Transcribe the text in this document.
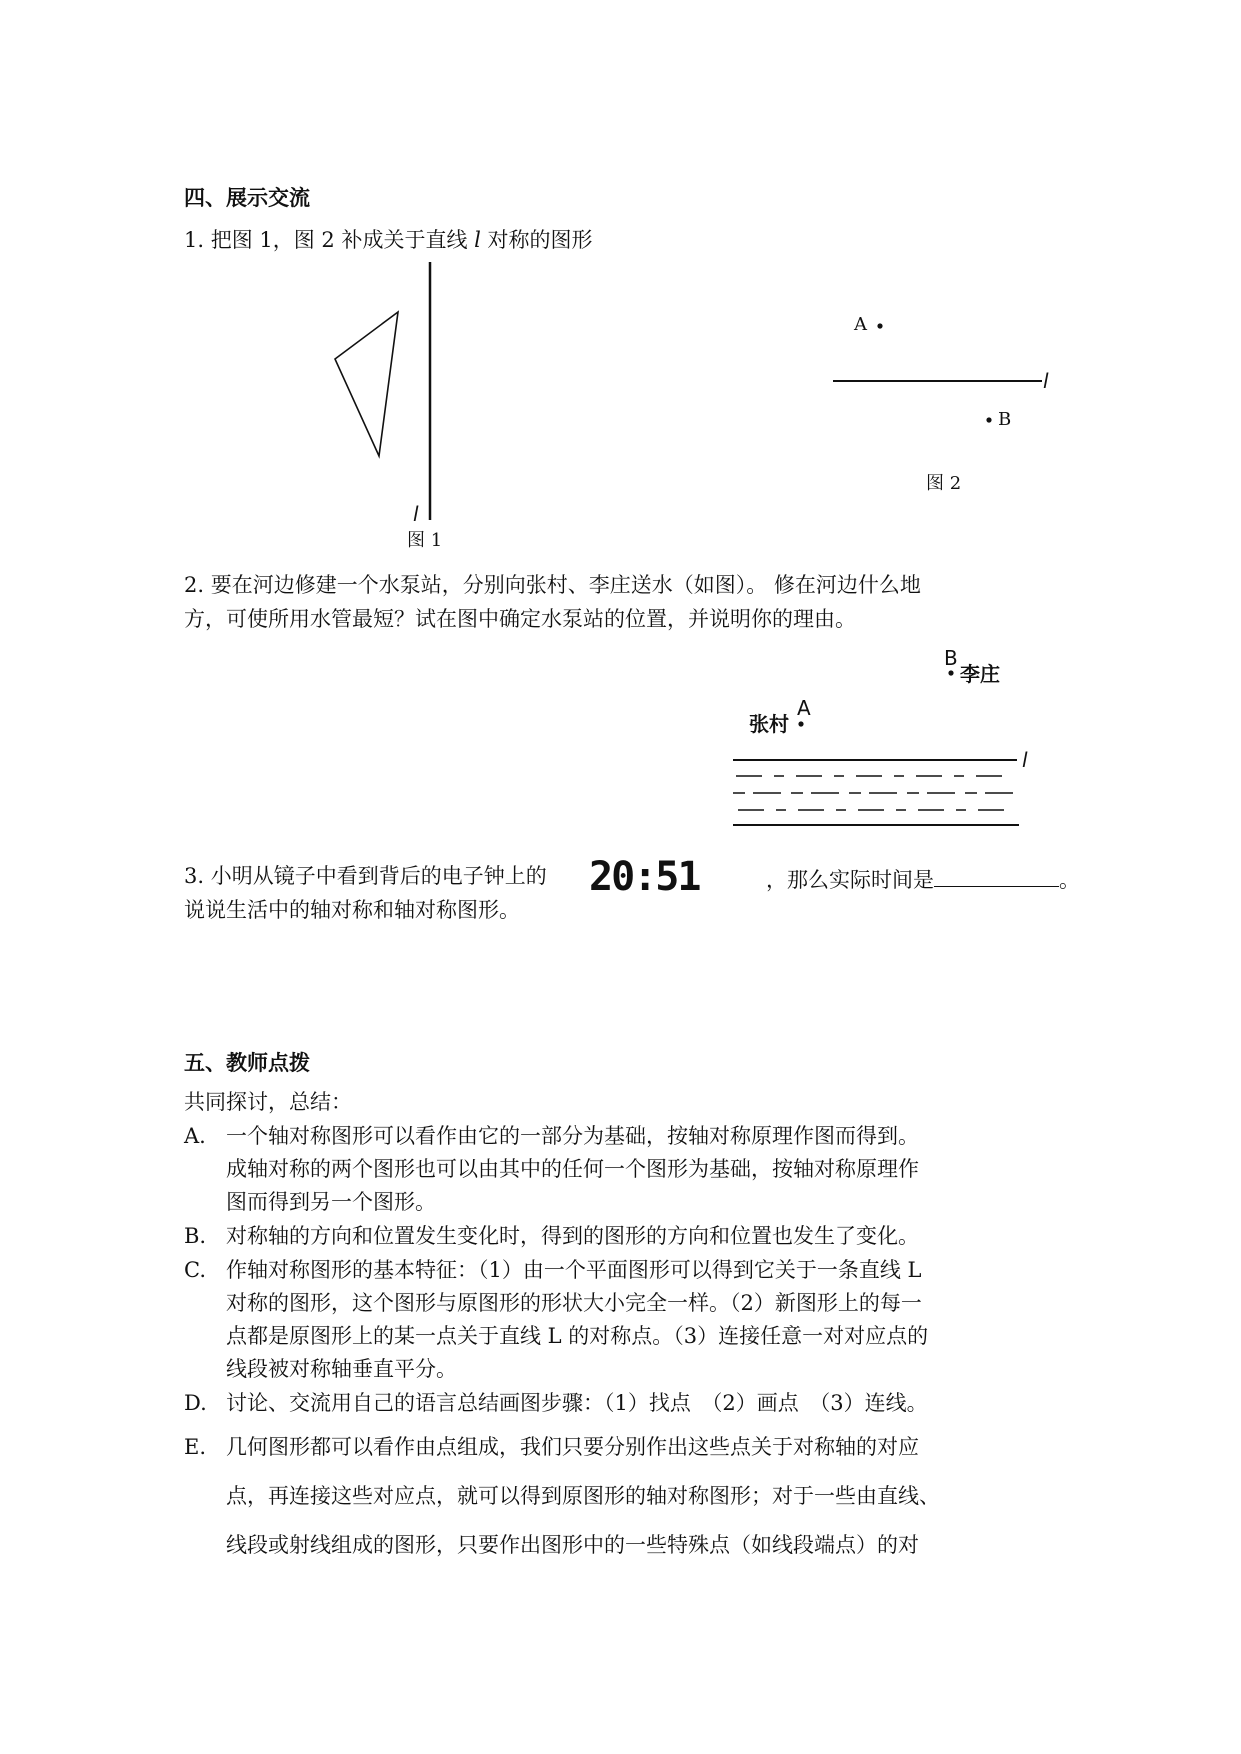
四、展示交流
1. 把图 1，图 2 补成关于直线 l 对称的图形
l
图 1
A
l
B
图 2
2. 要在河边修建一个水泵站，分别向张村、李庄送水（如图）。 修在河边什么地
方，可使所用水管最短？试在图中确定水泵站的位置，并说明你的理由。
B
李庄
A
张村
l
3. 小明从镜子中看到背后的电子钟上的 20:51	，那么实际时间是	。
说说生活中的轴对称和轴对称图形。
五、教师点拨
共同探讨，总结：
A. 一个轴对称图形可以看作由它的一部分为基础，按轴对称原理作图而得到。
成轴对称的两个图形也可以由其中的任何一个图形为基础，按轴对称原理作
图而得到另一个图形。
B. 对称轴的方向和位置发生变化时，得到的图形的方向和位置也发生了变化。
C. 作轴对称图形的基本特征：（1）由一个平面图形可以得到它关于一条直线 L
对称的图形，这个图形与原图形的形状大小完全一样。（2）新图形上的每一
点都是原图形上的某一点关于直线 L 的对称点。（3）连接任意一对对应点的
线段被对称轴垂直平分。
D. 讨论、交流用自己的语言总结画图步骤：（1）找点　（2）画点　（3）连线。
E. 几何图形都可以看作由点组成，我们只要分别作出这些点关于对称轴的对应
点，再连接这些对应点，就可以得到原图形的轴对称图形；对于一些由直线、
线段或射线组成的图形，只要作出图形中的一些特殊点（如线段端点）的对
